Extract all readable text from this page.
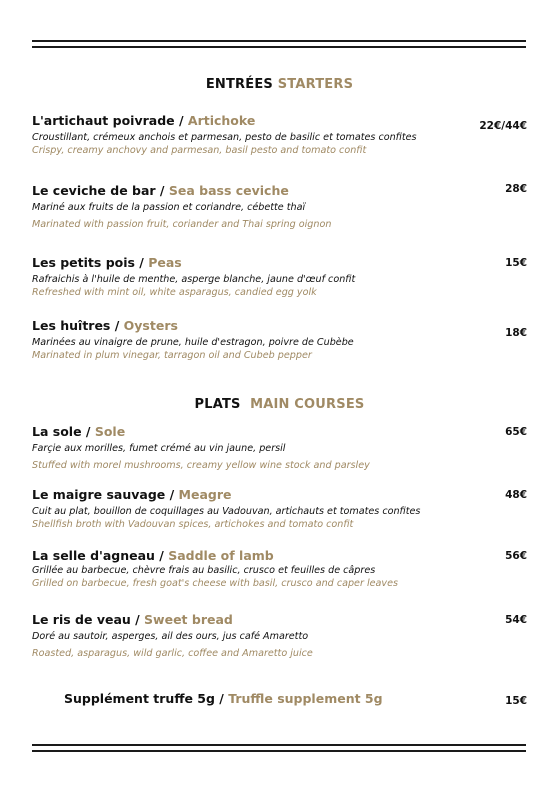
ENTRÉES STARTERS
L'artichaut poivrade / Artichoke
Croustillant, crémeux anchois et parmesan, pesto de basilic et tomates confites
Crispy, creamy anchovy and parmesan, basil pesto and tomato confit
22€/44€
Le ceviche de bar / Sea bass ceviche
Mariné aux fruits de la passion et coriandre, cébette thaï
Marinated with passion fruit, coriander and Thai spring oignon
28€
Les petits pois / Peas
Rafraichis à l'huile de menthe, asperge blanche, jaune d'œuf confit
Refreshed with mint oil, white asparagus, candied egg yolk
15€
Les huîtres / Oysters
Marinées au vinaigre de prune, huile d'estragon, poivre de Cubèbe
Marinated in plum vinegar, tarragon oil and Cubeb pepper
18€
PLATS MAIN COURSES
La sole / Sole
Farçie aux morilles, fumet crémé au vin jaune, persil
Stuffed with morel mushrooms, creamy yellow wine stock and parsley
65€
Le maigre sauvage / Meagre
Cuit au plat, bouillon de coquillages au Vadouvan, artichauts et tomates confites
Shellfish broth with Vadouvan spices, artichokes and tomato confit
48€
La selle d'agneau / Saddle of lamb
Grillée au barbecue, chèvre frais au basilic, crusco et feuilles de câpres
Grilled on barbecue, fresh goat's cheese with basil, crusco and caper leaves
56€
Le ris de veau / Sweet bread
Doré au sautoir, asperges, ail des ours, jus café Amaretto
Roasted, asparagus, wild garlic, coffee and Amaretto juice
54€
Supplément truffe 5g / Truffle supplement 5g	15€
